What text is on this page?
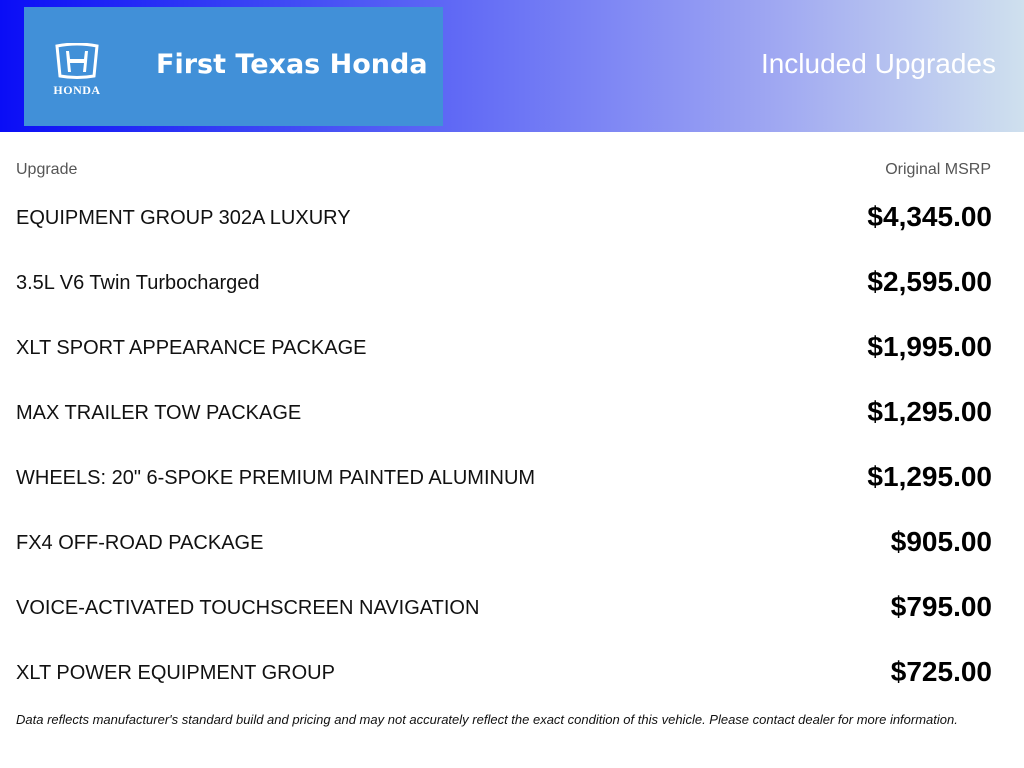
HONDA
First Texas Honda	Included Upgrades
Upgrade	Original MSRP
EQUIPMENT GROUP 302A LUXURY	$4,345.00
3.5L V6 Twin Turbocharged	$2,595.00
XLT SPORT APPEARANCE PACKAGE	$1,995.00
MAX TRAILER TOW PACKAGE	$1,295.00
WHEELS: 20" 6-SPOKE PREMIUM PAINTED ALUMINUM	$1,295.00
FX4 OFF-ROAD PACKAGE	$905.00
VOICE-ACTIVATED TOUCHSCREEN NAVIGATION	$795.00
XLT POWER EQUIPMENT GROUP	$725.00
Data reflects manufacturer's standard build and pricing and may not accurately reflect the exact condition of this vehicle. Please contact dealer for more information.
